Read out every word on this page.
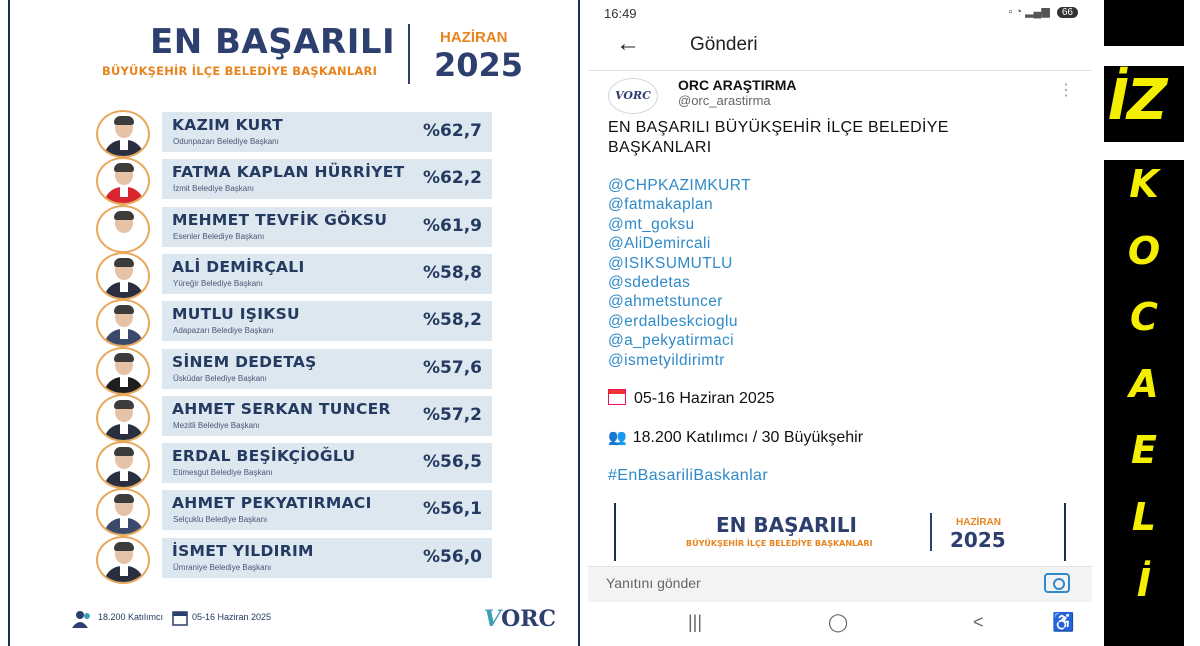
EN BAŞARILI
BÜYÜKŞEHİR İLÇE BELEDİYE BAŞKANLARI
HAZİRAN
2025
KAZIM KURT
Odunpazarı Belediye Başkanı
%62,7
FATMA KAPLAN HÜRRİYET
İzmit Belediye Başkanı
%62,2
MEHMET TEVFİK GÖKSU
Esenler Belediye Başkanı
%61,9
ALİ DEMİRÇALI
Yüreğir Belediye Başkanı
%58,8
MUTLU IŞIKSU
Adapazarı Belediye Başkanı
%58,2
SİNEM DEDETAŞ
Üsküdar Belediye Başkanı
%57,6
AHMET SERKAN TUNCER
Mezitli Belediye Başkanı
%57,2
ERDAL BEŞİKÇİOĞLU
Etimesgut Belediye Başkanı
%56,5
AHMET PEKYATIRMACI
Selçuklu Belediye Başkanı
%56,1
İSMET YILDIRIM
Ümraniye Belediye Başkanı
%56,0
18.200 Katılımcı	05-16 Haziran 2025	VORC
16:49	▫ ◔ ▂▄▆ 66
←	Gönderi
VORC
ORC ARAŞTIRMA
@orc_arastirma
⋮
EN BAŞARILI BÜYÜKŞEHİR İLÇE BELEDİYE BAŞKANLARI
@CHPKAZIMKURT
@fatmakaplan
@mt_goksu
@AliDemircali
@ISIKSUMUTLU
@sdedetas
@ahmetstuncer
@erdalbeskcioglu
@a_pekyatirmaci
@ismetyildirimtr
05-16 Haziran 2025
👥 18.200 Katılımcı / 30 Büyükşehir
#EnBasariliBaskanlar
EN BAŞARILI
BÜYÜKŞEHİR İLÇE BELEDİYE BAŞKANLARI
HAZİRAN
2025
Yanıtını gönder
|||	◯	<	♿
İZ
K
O
C
A
E
L
İ
